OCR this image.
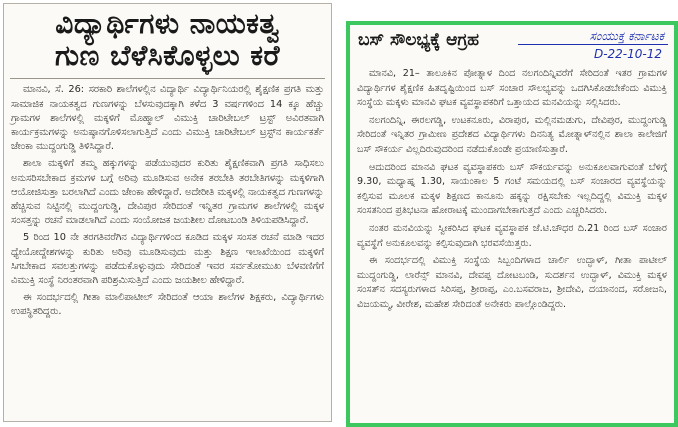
ವಿದ್ಯಾರ್ಥಿಗಳು ನಾಯಕತ್ವ
ಗುಣ ಬೆಳೆಸಿಕೊಳ್ಳಲು ಕರೆ

ಮಾನವಿ, ಸೆ. 26: ಸರಕಾರಿ ಶಾಲೆಗಳಲ್ಲಿನ ವಿದ್ಯಾರ್ಥಿ ವಿದ್ಯಾರ್ಥಿನಿಯರಲ್ಲಿ ಶೈಕ್ಷಣಿಕ ಪ್ರಗತಿ ಮತ್ತು ಸಾಮಾಜಿಕ ನಾಯಕತ್ವದ ಗುಣಗಳನ್ನು ಬೆಳಸುವುದಕ್ಕಾಗಿ ಕಳೆದ 3 ವರ್ಷಗಳಿಂದ 14 ಕ್ಕೂ ಹೆಚ್ಚು ಗ್ರಾಮಗಳ ಶಾಲೆಗಳಲ್ಲಿ ಮಕ್ಕಳಿಗೆ ಮೊಹ್ಮಾಲ್ ವಿಮುಕ್ತಿ ಚಾರಿಟೇಬಲ್ ಟ್ರಸ್ಟ್ ಅವಿರತವಾಗಿ ಕಾರ್ಯಕ್ರಮಗಳನ್ನು ಅನುಷ್ಠಾನಗೊಳಿಸಲಾಗುತ್ತಿದೆ ಎಂದು ವಿಮುಕ್ತಿ ಚಾರಿಟೇಬಲ್ ಟ್ರಸ್ಟ್‌ನ ಕಾರ್ಯಕರ್ತೆ ಜೇಂಕಾ ಮುದ್ದಂಗುಡ್ಡಿ ತಿಳಿಸಿದ್ದಾರೆ.

ಶಾಲಾ ಮಕ್ಕಳಿಗೆ ತಮ್ಮ ಹಕ್ಕುಗಳನ್ನು ಪಡೆಯುವುದರ ಕುರಿತು ಶೈಕ್ಷಣಿಕವಾಗಿ ಪ್ರಗತಿ ಸಾಧಿಸಲು ಅನುಸರಿಸಬೇಕಾದ ಕ್ರಮಗಳ ಬಗ್ಗೆ ಅರಿವು ಮೂಡಿಸುವ ಅನೇಕ ತರಬೇತಿ ತರಬೇತಿಗಳನ್ನು ಮಕ್ಕಳಿಗಾಗಿ ಆಯೋಜಿಸುತ್ತಾ ಬರಲಾಗಿದೆ ಎಂದು ಜೇಂಕಾ ಹೇಳಿದ್ದಾರೆ. ಅದೇರೀತಿ ಮಕ್ಕಳಲ್ಲಿ ನಾಯಕತ್ವದ ಗುಣಗಳನ್ನು ಹೆಚ್ಚಿಸುವ ನಿಟ್ಟಿನಲ್ಲಿ ಮುದ್ದಂಗುಡ್ಡಿ, ದೇವಿಪುರ ಸೇರಿದಂತೆ ಇನ್ನಿತರ ಗ್ರಾಮಗಳ ಶಾಲೆಗಳಲ್ಲಿ ಮಕ್ಕಳ ಸಂಸತ್ತನ್ನು ರಚನೆ ಮಾಡಲಾಗಿದೆ ಎಂದು ಸಂಯೋಜಕ ಜಯಶೀಲ ದೋಟಬಂಡಿ ತಿಳಿಯಪಡಿಸಿದ್ದಾರೆ.

5 ರಿಂದ 10 ನೇ ತರಗತಿವರೆಗಿನ ವಿದ್ಯಾರ್ಥಿಗಳಿಂದ ಕೂಡಿದ ಮಕ್ಕಳ ಸಂಸತ ರಚನೆ ಮಾಡಿ ಇದರ ಧ್ಯೇಯೋದ್ದೇಶಗಳನ್ನು ಕುರಿತು ಅರಿವು ಮೂಡಿಸುವುದು ಮತ್ತು ಶಿಕ್ಷಣ ಇಲಾಖೆಯಿಂದ ಮಕ್ಕಳಿಗೆ ಸಿಗಬೇಕಾದ ಸವಲತ್ತುಗಳನ್ನು ಪಡೆದುಕೊಳ್ಳುವುದು ಸೇರಿದಂತೆ ಇವರ ಸರ್ವತೋಮುಖ ಬೆಳವಣಿಗೆಗೆ ವಿಮುಕ್ತಿ ಸಂಸ್ಥೆ ನಿರಂತರವಾಗಿ ಪರಿಶ್ರಮಿಸುತ್ತಿದೆ ಎಂದು ಜಯಶೀಲ ಹೇಳಿದ್ದಾರೆ.

ಈ ಸಂದರ್ಭದಲ್ಲಿ ಗೀತಾ ಮಾಲಿಪಾಟೀಲ್ ಸೇರಿದಂತೆ ಆಯಾ ಶಾಲೆಗಳ ಶಿಕ್ಷಕರು, ವಿದ್ಯಾರ್ಥಿಗಳು ಉಪಸ್ಥಿತರಿದ್ದರು.

ಬಸ್ ಸೌಲಭ್ಯಕ್ಕೆ ಆಗ್ರಹ	ಸಂಯುಕ್ತ ಕರ್ನಾಟಕ
D-22-10-12

ಮಾನವಿ, 21– ತಾಲೂಕಿನ ಪೋತ್ನಾಳ ದಿಂದ ನಲಗಂದಿನ್ನಿವರೆಗೆ ಸೇರಿದಂತೆ ಇತರ ಗ್ರಾಮಗಳ ವಿದ್ಯಾರ್ಥಿಗಳ ಶೈಕ್ಷಣಿಕ ಹಿತದೃಷ್ಟಿಯಿಂದ ಬಸ್ ಸಂಚಾರ ಸೌಲಭ್ಯವನ್ನು ಒದಗಿಸಿಕೊಡಬೇಕೆಂದು ವಿಮುಕ್ತಿ ಸಂಸ್ಥೆಯ ಮಕ್ಕಳು ಮಾನವಿ ಘಟಕ ವ್ಯವಸ್ಥಾಪಕರಿಗೆ ಒತ್ತಾಯದ ಮನವಿಯನ್ನು ಸಲ್ಲಿಸಿದರು.

ನಲಗಂದಿನ್ನಿ, ಈರಲಗಡ್ಡಿ, ಉಟಕನೂರು, ವಿರಾಪುರ, ಮಲ್ಲಿನಮಡುಗು, ದೇವಿಪುರ, ಮುದ್ದಂಗುಡ್ಡಿ ಸೇರಿದಂತೆ ಇನ್ನಿತರ ಗ್ರಾಮೀಣ ಪ್ರದೇಶದ ವಿದ್ಯಾರ್ಥಿಗಳು ದಿನನಿತ್ಯ ಮೋತ್ನಾಳ್‌ನಲ್ಲಿನ ಶಾಲಾ ಕಾಲೇಜಿಗೆ ಬಸ್ ಸೌಕರ್ಯ ವಿಲ್ಲದಿರುವುದರಿಂದ ನಡೆದುಕೊಂಡೇ ಪ್ರಯಾಣಿಸುತ್ತಾರೆ.

ಆದುದರಿಂದ ಮಾನವಿ ಘಟಕ ವ್ಯವಸ್ಥಾಪಕರು ಬಸ್ ಸೌಕರ್ಯವನ್ನು ಅನುಕೂಲವಾಗುವಂತೆ ಬೆಳಿಗ್ಗೆ 9.30, ಮಧ್ಯಾಹ್ನ 1.30, ಸಾಯಂಕಾಲ 5 ಗಂಟೆ ಸಮಯದಲ್ಲಿ ಬಸ್ ಸಂಚಾರದ ವ್ಯವಸ್ಥೆಯನ್ನು ಕಲ್ಪಿಸುವ ಮೂಲಕ ಮಕ್ಕಳ ಶಿಕ್ಷಣದ ಕಾನೂನು ಹಕ್ಕನ್ನು ರಕ್ಷಿಸಬೇಕು ಇಲ್ಲದಿದ್ದಲ್ಲಿ ವಿಮುಕ್ತಿ ಮಕ್ಕಳ ಸಂಸತನಿಂದ ಪ್ರತಿಭಟನಾ ಹೋರಾಟಕ್ಕೆ ಮುಂದಾಗಬೇಕಾಗುತ್ತದೆ ಎಂದು ಎಚ್ಚರಿಸಿದರು.

ನಂತರ ಮನವಿಯನ್ನು ಸ್ವೀಕರಿಸಿದ ಘಟಕ ವ್ಯವಸ್ಥಾಪಕ ಜೆ.ಟಿ.ಚೌಧರ ದಿ.21 ರಿಂದ ಬಸ್ ಸಂಚಾರ ವ್ಯವಸ್ಥೆಗೆ ಅನುಕೂಲವನ್ನು ಕಲ್ಪಿಸುವುದಾಗಿ ಭರವಸೆಯಿತ್ತರು.

ಈ ಸಂದರ್ಭದಲ್ಲಿ ವಿಮುಕ್ತಿ ಸಂಸ್ಥೆಯ ಸಿಬ್ಬಂದಿಗಳಾದ ಚಾರ್ಲಿ ಉದ್ಭಾಳ್, ಗೀತಾ ಪಾಟೀಲ್ ಮುದ್ದಂಗುಡ್ಡಿ, ಲಾರೆನ್ಸ್ ಮಾನವಿ, ದೇವಪ್ಪ ದೋಟಬಂಡಿ, ಸುದರ್ಶನ ಉದ್ಭಾಳ್, ವಿಮುಕ್ತಿ ಮಕ್ಕಳ ಸಂಸತ್‌ನ ಸದಸ್ಯರುಗಳಾದ ಸಿರಿಸಪ್ಪ, ಶ್ರೀರಾಪ್ಪ, ಎಂ.ಬಸವರಾಜ, ಶ್ರೀದೇವಿ, ದಯಾನಂದ, ಸರೋಜನಿ, ವಿಜಯಮ್ಮ, ವೀರೇಶ, ಮಹೇಶ ಸೇರಿದಂತೆ ಅನೇಕರು ಪಾಲ್ಗೊಂಡಿದ್ದರು.
